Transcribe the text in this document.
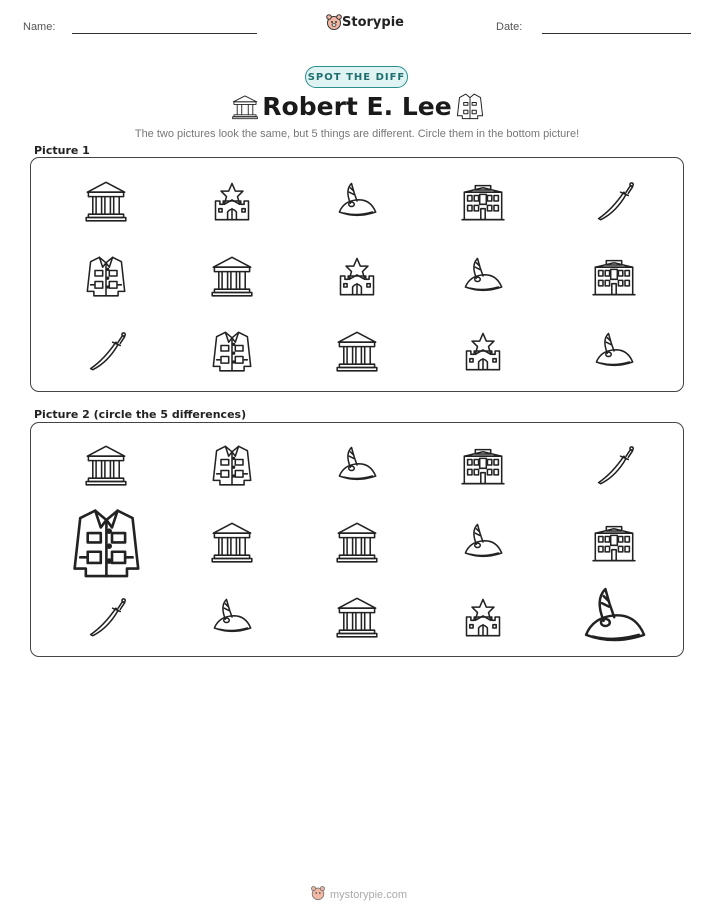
Name:	Storypie	Date:
SPOT THE DIFF
Robert E. Lee
The two pictures look the same, but 5 things are different. Circle them in the bottom picture!
Picture 1
Picture 2 (circle the 5 differences)
mystorypie.com
